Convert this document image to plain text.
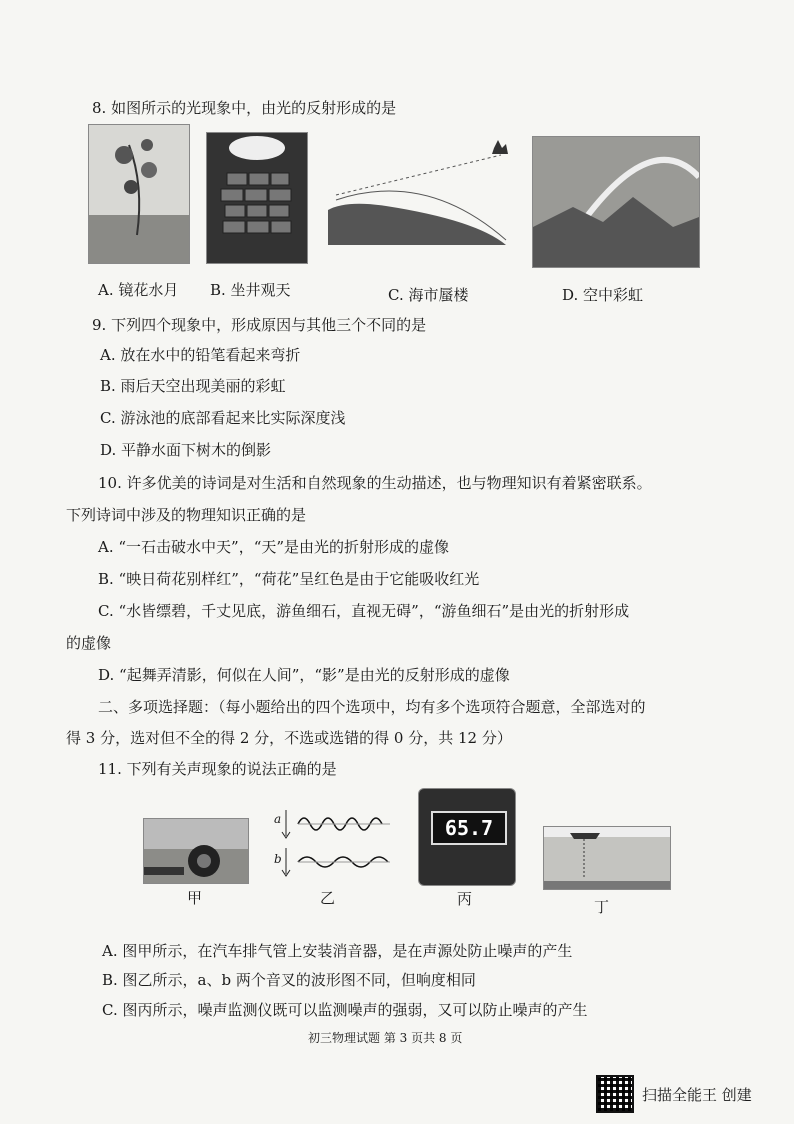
8. 如图所示的光现象中，由光的反射形成的是
A. 镜花水月 B. 坐井观天	C. 海市蜃楼	D. 空中彩虹
9. 下列四个现象中，形成原因与其他三个不同的是
A. 放在水中的铅笔看起来弯折
B. 雨后天空出现美丽的彩虹
C. 游泳池的底部看起来比实际深度浅
D. 平静水面下树木的倒影
10. 许多优美的诗词是对生活和自然现象的生动描述，也与物理知识有着紧密联系。
下列诗词中涉及的物理知识正确的是
A. “一石击破水中天”，“天”是由光的折射形成的虚像
B. “映日荷花别样红”，“荷花”呈红色是由于它能吸收红光
C. “水皆缥碧，千丈见底，游鱼细石，直视无碍”，“游鱼细石”是由光的折射形成
的虚像
D. “起舞弄清影，何似在人间”，“影”是由光的反射形成的虚像
二、多项选择题：（每小题给出的四个选项中，均有多个选项符合题意，全部选对的
得 3 分，选对但不全的得 2 分，不选或选错的得 0 分，共 12 分）
11. 下列有关声现象的说法正确的是
a
b
65.7
甲	乙	丙	丁
A. 图甲所示，在汽车排气管上安装消音器，是在声源处防止噪声的产生
B. 图乙所示，a、b 两个音叉的波形图不同，但响度相同
C. 图丙所示，噪声监测仪既可以监测噪声的强弱，又可以防止噪声的产生
初三物理试题 第 3 页共 8 页
扫描全能王 创建
